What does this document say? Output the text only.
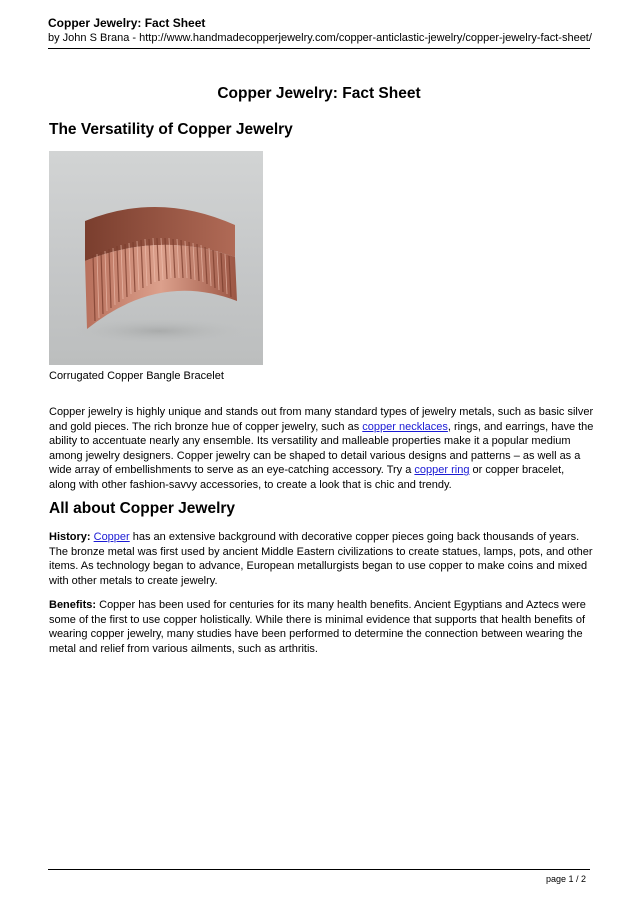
Copper Jewelry: Fact Sheet
by John S Brana - http://www.handmadecopperjewelry.com/copper-anticlastic-jewelry/copper-jewelry-fact-sheet/
Copper Jewelry: Fact Sheet
The Versatility of Copper Jewelry
Corrugated Copper Bangle Bracelet
Copper jewelry is highly unique and stands out from many standard types of jewelry metals, such as basic silver and gold pieces. The rich bronze hue of copper jewelry, such as copper necklaces, rings, and earrings, have the ability to accentuate nearly any ensemble. Its versatility and malleable properties make it a popular medium among jewelry designers. Copper jewelry can be shaped to detail various designs and patterns – as well as a wide array of embellishments to serve as an eye-catching accessory. Try a copper ring or copper bracelet, along with other fashion-savvy accessories, to create a look that is chic and trendy.
All about Copper Jewelry
History: Copper has an extensive background with decorative copper pieces going back thousands of years. The bronze metal was first used by ancient Middle Eastern civilizations to create statues, lamps, pots, and other items. As technology began to advance, European metallurgists began to use copper to make coins and mixed with other metals to create jewelry.
Benefits: Copper has been used for centuries for its many health benefits. Ancient Egyptians and Aztecs were some of the first to use copper holistically. While there is minimal evidence that supports that health benefits of wearing copper jewelry, many studies have been performed to determine the connection between wearing the metal and relief from various ailments, such as arthritis.
page 1 / 2
